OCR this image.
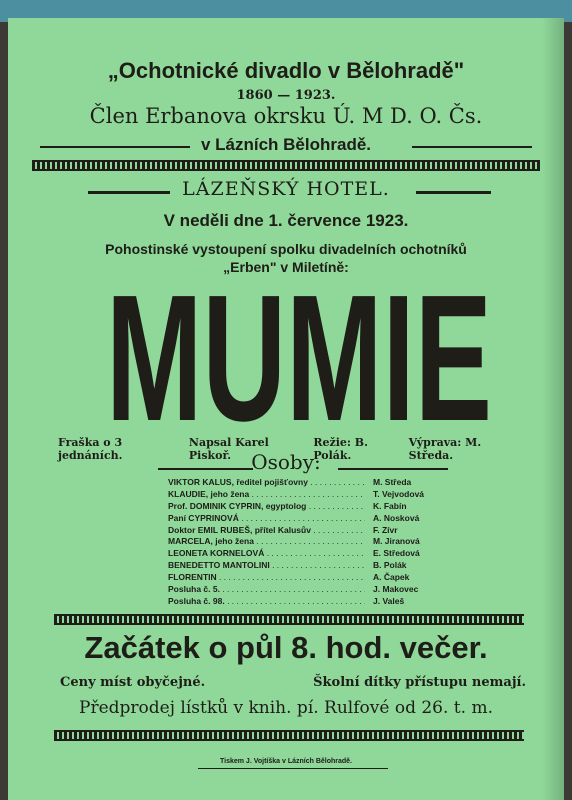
„Ochotnické divadlo v Bělohradě"
1860 — 1923.
Člen Erbanova okrsku Ú. M D. O. Čs.
v Lázních Bělohradě.
LÁZEŇSKÝ HOTEL.
V neděli dne 1. července 1923.
Pohostinské vystoupení spolku divadelních ochotníků
„Erben" v Miletíně:
MUMIE
Fraška o 3 jednáních.
Napsal Karel Piskoř.
Režie: B. Polák.
Výprava: M. Středa.
Osoby:
VIKTOR KALUS, ředitel pojišťovny . . .	M. Středa
KLAUDIE, jeho žena . . .	T. Vejvodová
Prof. DOMINIK CYPRIN, egyptolog . . .	K. Fabín
Paní CYPRINOVÁ . . .	A. Nosková
Doktor EMIL RUBEŠ, přítel Kalusův . . .	F. Zívr
MARCELA, jeho žena . . .	M. Jiranová
LEONETA KORNELOVÁ . . .	E. Středová
BENEDETTO MANTOLINI . . .	B. Polák
FLORENTIN . . .	A. Čapek
Posluha č. 5. . . .	J. Makovec
Posluha č. 98. . . .	J. Valeš
Začátek o půl 8. hod. večer.
Ceny míst obyčejné.	Školní dítky přístupu nemají.
Předprodej lístků v knih. pí. Rulfové od 26. t. m.
Tiskem J. Vojtíška v Lázních Bělohradě.
